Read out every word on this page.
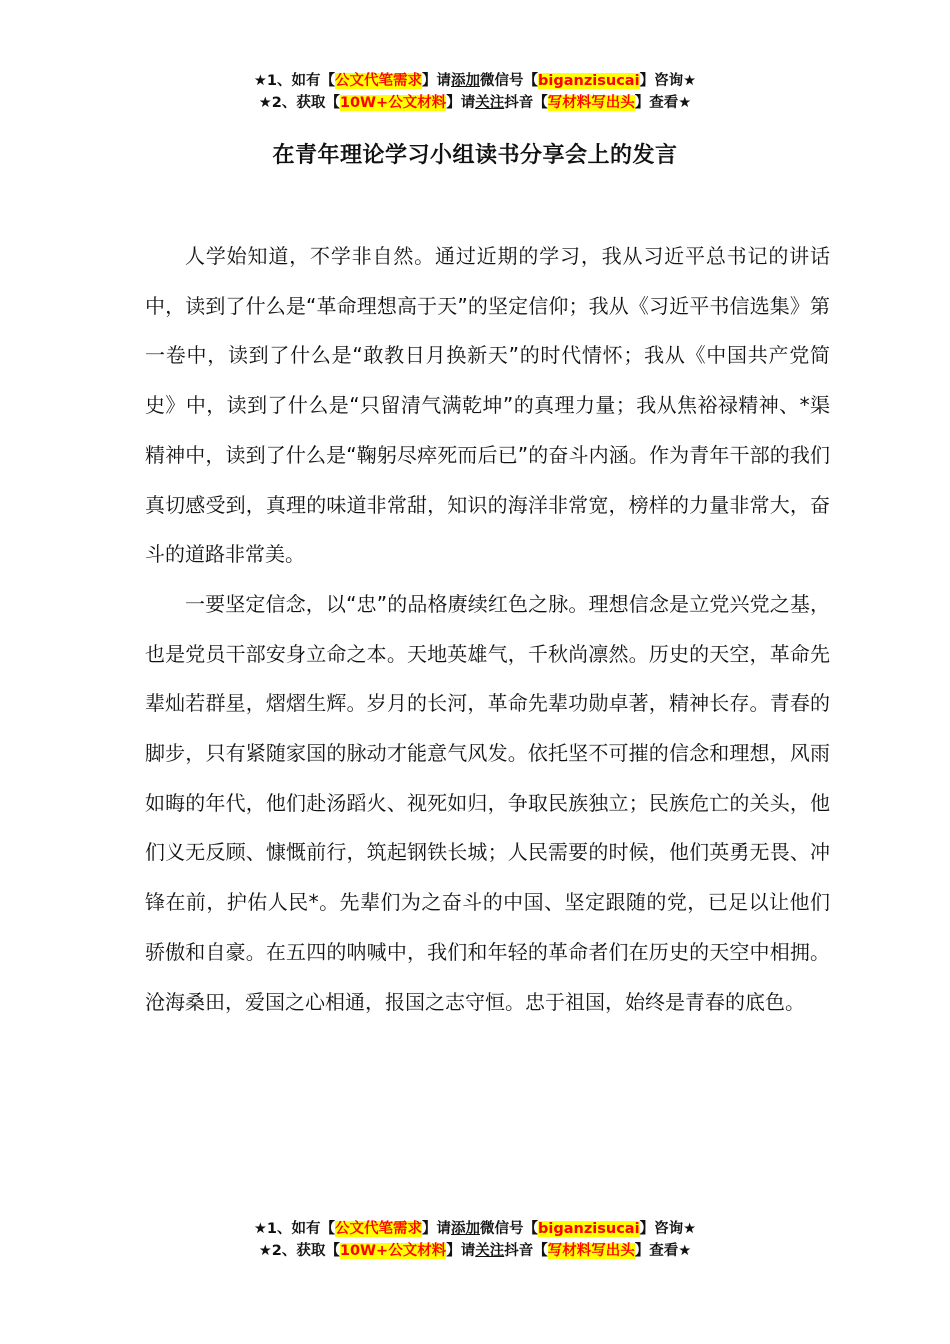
★1、如有【公文代笔需求】请添加微信号【biganzisucai】咨询★
★2、获取【10W+公文材料】请关注抖音【写材料写出头】查看★
在青年理论学习小组读书分享会上的发言

人学始知道，不学非自然。通过近期的学习，我从习近平总书记的讲话中，读到了什么是“革命理想高于天”的坚定信仰；我从《习近平书信选集》第一卷中，读到了什么是“敢教日月换新天”的时代情怀；我从《中国共产党简史》中，读到了什么是“只留清气满乾坤”的真理力量；我从焦裕禄精神、*渠精神中，读到了什么是“鞠躬尽瘁死而后已”的奋斗内涵。作为青年干部的我们真切感受到，真理的味道非常甜，知识的海洋非常宽，榜样的力量非常大，奋斗的道路非常美。

一要坚定信念，以“忠”的品格赓续红色之脉。理想信念是立党兴党之基，也是党员干部安身立命之本。天地英雄气，千秋尚凛然。历史的天空，革命先辈灿若群星，熠熠生辉。岁月的长河，革命先辈功勋卓著，精神长存。青春的脚步，只有紧随家国的脉动才能意气风发。依托坚不可摧的信念和理想，风雨如晦的年代，他们赴汤蹈火、视死如归，争取民族独立；民族危亡的关头，他们义无反顾、慷慨前行，筑起钢铁长城；人民需要的时候，他们英勇无畏、冲锋在前，护佑人民*。先辈们为之奋斗的中国、坚定跟随的党，已足以让他们骄傲和自豪。在五四的呐喊中，我们和年轻的革命者们在历史的天空中相拥。沧海桑田，爱国之心相通，报国之志守恒。忠于祖国，始终是青春的底色。

★1、如有【公文代笔需求】请添加微信号【biganzisucai】咨询★
★2、获取【10W+公文材料】请关注抖音【写材料写出头】查看★
